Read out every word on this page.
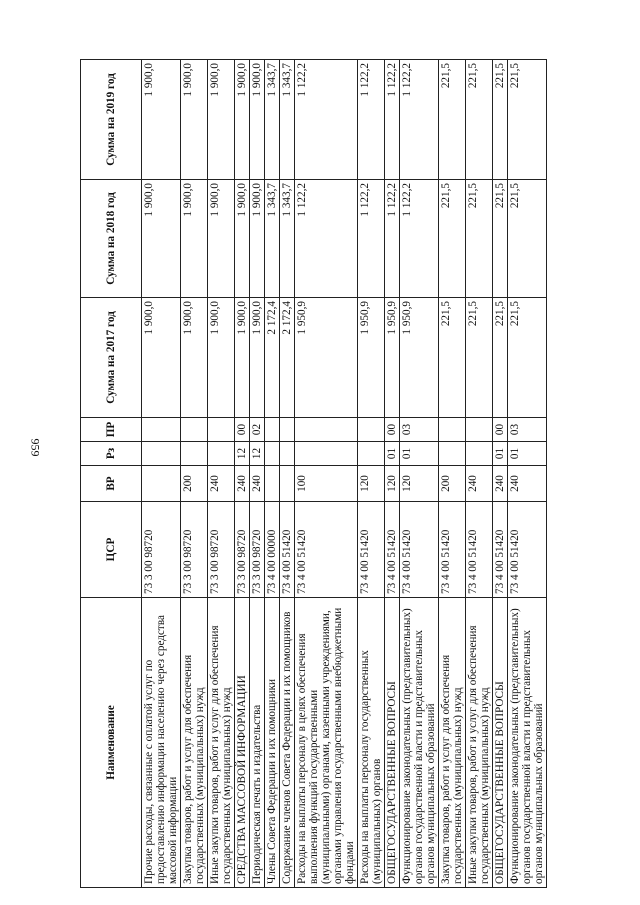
959
Наименование	ЦСР	ВР	Рз	ПР	Сумма на 2017 год	Сумма на 2018 год	Сумма на 2019 год
Прочие расходы, связанные с оплатой услуг по предоставлению информации населению через средства массовой информации	73 3 00 98720				1 900,0	1 900,0	1 900,0
Закупка товаров, работ и услуг для обеспечения государственных (муниципальных) нужд	73 3 00 98720	200			1 900,0	1 900,0	1 900,0
Иные закупки товаров, работ и услуг для обеспечения государственных (муниципальных) нужд	73 3 00 98720	240			1 900,0	1 900,0	1 900,0
СРЕДСТВА МАССОВОЙ ИНФОРМАЦИИ	73 3 00 98720	240	12	00	1 900,0	1 900,0	1 900,0
Периодическая печать и издательства	73 3 00 98720	240	12	02	1 900,0	1 900,0	1 900,0
Члены Совета Федерации и их помощники	73 4 00 00000				2 172,4	1 343,7	1 343,7
Содержание членов Совета Федерации и их помощников	73 4 00 51420				2 172,4	1 343,7	1 343,7
Расходы на выплаты персоналу в целях обеспечения выполнения функций государственными (муниципальными) органами, казенными учреждениями, органами управления государственными внебюджетными фондами	73 4 00 51420	100			1 950,9	1 122,2	1 122,2
Расходы на выплаты персоналу государственных (муниципальных) органов	73 4 00 51420	120			1 950,9	1 122,2	1 122,2
ОБЩЕГОСУДАРСТВЕННЫЕ ВОПРОСЫ	73 4 00 51420	120	01	00	1 950,9	1 122,2	1 122,2
Функционирование законодательных (представительных) органов государственной власти и представительных органов муниципальных образований	73 4 00 51420	120	01	03	1 950,9	1 122,2	1 122,2
Закупка товаров, работ и услуг для обеспечения государственных (муниципальных) нужд	73 4 00 51420	200			221,5	221,5	221,5
Иные закупки товаров, работ и услуг для обеспечения государственных (муниципальных) нужд	73 4 00 51420	240			221,5	221,5	221,5
ОБЩЕГОСУДАРСТВЕННЫЕ ВОПРОСЫ	73 4 00 51420	240	01	00	221,5	221,5	221,5
Функционирование законодательных (представительных) органов государственной власти и представительных органов муниципальных образований	73 4 00 51420	240	01	03	221,5	221,5	221,5
